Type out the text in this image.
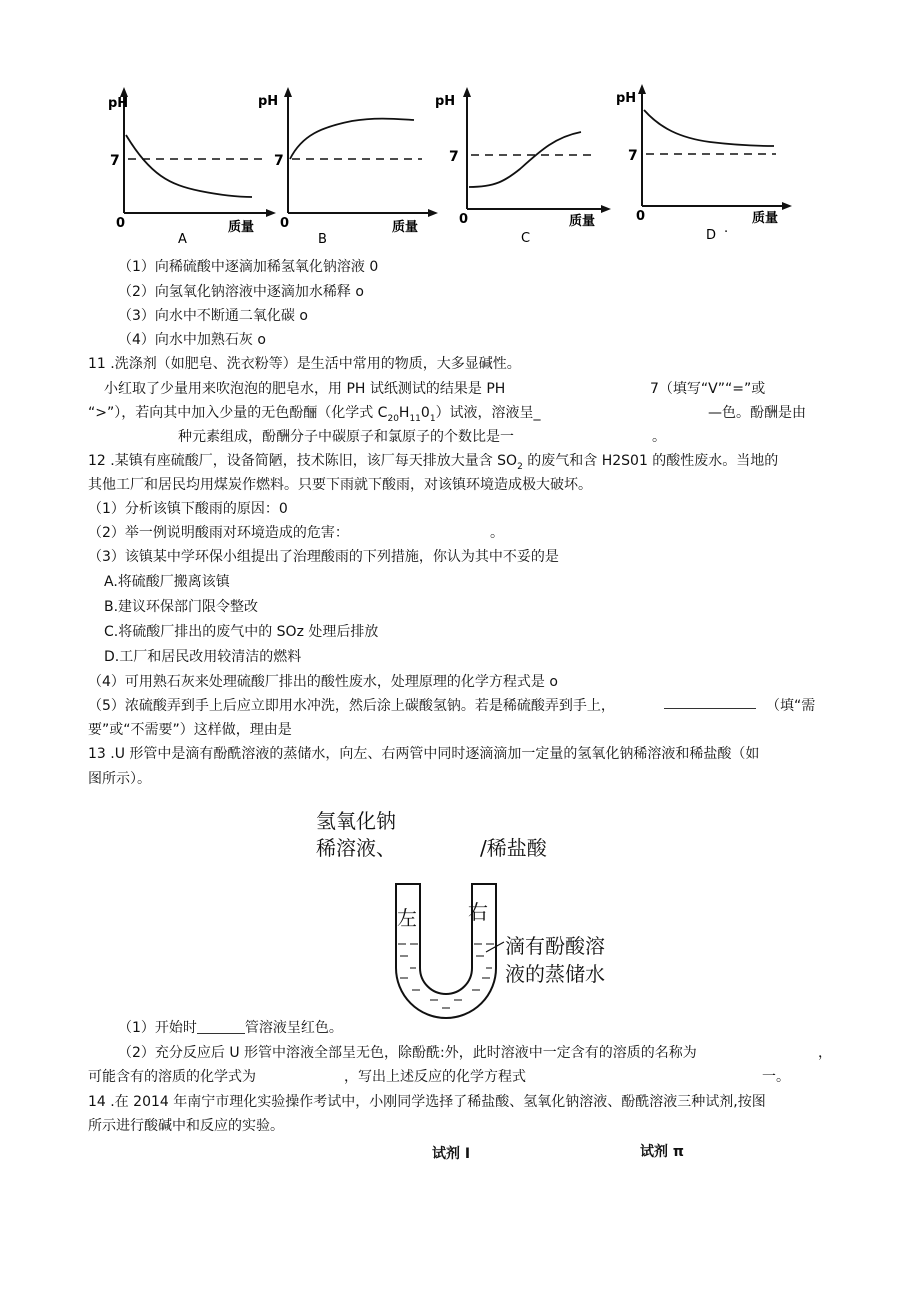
pH
7
0	质量
A
pH
7
0	质量
B
pH
7
0	质量
C
pH
7
0	质量
D .
（1）向稀硫酸中逐滴加稀氢氧化钠溶液 0
（2）向氢氧化钠溶液中逐滴加水稀释 o
（3）向水中不断通二氧化碳 o
（4）向水中加熟石灰 o
11 .洗涤剂（如肥皂、洗衣粉等）是生活中常用的物质，大多显碱性。
小红取了少量用来吹泡泡的肥皂水，用 PH 试纸测试的结果是 PH	7（填写“V”“=”或
“>”），若向其中加入少量的无色酚酾（化学式 $C_{20}H_{11}0_1$）试液，溶液呈_	—色。酚酬是由
种元素组成，酚酬分子中碳原子和氯原子的个数比是一	。
12 .某镇有座硫酸厂，设备简陋，技术陈旧，该厂每天排放大量含 $SO_2$ 的废气和含 H2S01 的酸性废水。当地的
其他工厂和居民均用煤炭作燃料。只要下雨就下酸雨，对该镇环境造成极大破坏。
（1）分析该镇下酸雨的原因：0
（2）举一例说明酸雨对环境造成的危害：	。
（3）该镇某中学环保小组提出了治理酸雨的下列措施，你认为其中不妥的是
A.将硫酸厂搬离该镇
B.建议环保部门限令整改
C.将硫酸厂排出的废气中的 SOz 处理后排放
D.工厂和居民改用较清洁的燃料
（4）可用熟石灰来处理硫酸厂排出的酸性废水，处理原理的化学方程式是 o
（5）浓硫酸弄到手上后应立即用水冲洗，然后涂上碳酸氢钠。若是稀硫酸弄到手上，	（填“需
要”或“不需要”）这样做，理由是
13 .U 形管中是滴有酚酰溶液的蒸储水，向左、右两管中同时逐滴滴加一定量的氢氧化钠稀溶液和稀盐酸（如
图所示）。
氢氧化钠
稀溶液、	/稀盐酸
左	右
滴有酚酸溶
液的蒸储水
（1）开始时	管溶液呈红色。
（2）充分反应后 U 形管中溶液全部呈无色，除酚酰:外，此时溶液中一定含有的溶质的名称为	，
可能含有的溶质的化学式为	，写出上述反应的化学方程式	一。
14 .在 2014 年南宁市理化实验操作考试中，小刚同学选择了稀盐酸、氢氧化钠溶液、酚酰溶液三种试剂,按图
所示进行酸碱中和反应的实验。
试剂 I	试剂 π
